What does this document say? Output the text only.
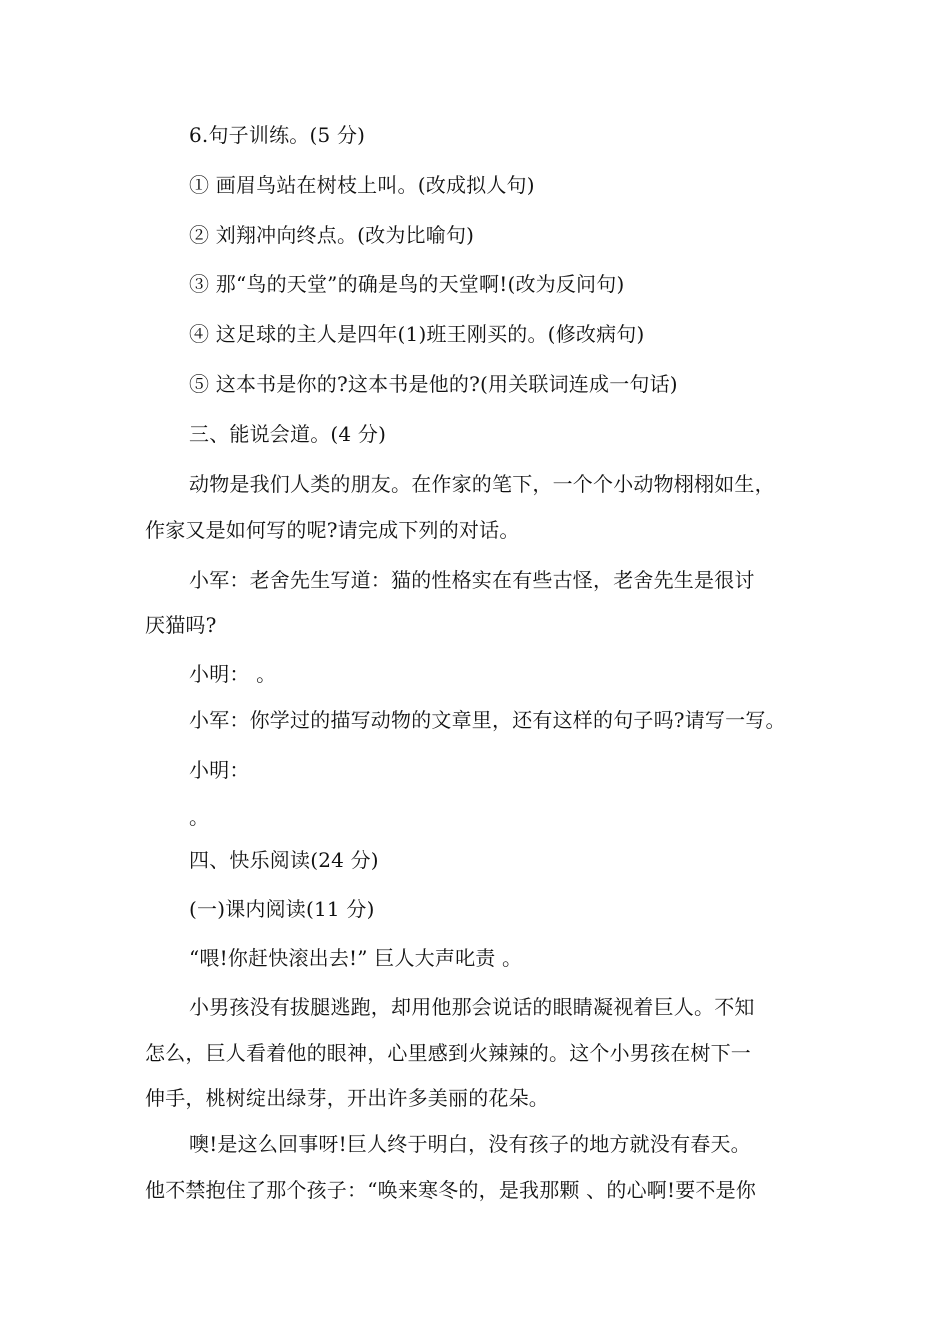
6.句子训练。(5 分)
① 画眉鸟站在树枝上叫。(改成拟人句)
② 刘翔冲向终点。(改为比喻句)
③ 那“鸟的天堂”的确是鸟的天堂啊!(改为反问句)
④ 这足球的主人是四年(1)班王刚买的。(修改病句)
⑤ 这本书是你的?这本书是他的?(用关联词连成一句话)
三、能说会道。(4 分)
动物是我们人类的朋友。在作家的笔下，一个个小动物栩栩如生，
作家又是如何写的呢?请完成下列的对话。
小军：老舍先生写道：猫的性格实在有些古怪，老舍先生是很讨
厌猫吗?
小明： 。
小军：你学过的描写动物的文章里，还有这样的句子吗?请写一写。
小明：
。
四、快乐阅读(24 分)
(一)课内阅读(11 分)
“喂!你赶快滚出去!” 巨人大声叱责 。
小男孩没有拔腿逃跑，却用他那会说话的眼睛凝视着巨人。不知
怎么，巨人看着他的眼神，心里感到火辣辣的。这个小男孩在树下一
伸手，桃树绽出绿芽，开出许多美丽的花朵。
噢!是这么回事呀!巨人终于明白，没有孩子的地方就没有春天。
他不禁抱住了那个孩子：“唤来寒冬的，是我那颗 、的心啊!要不是你
